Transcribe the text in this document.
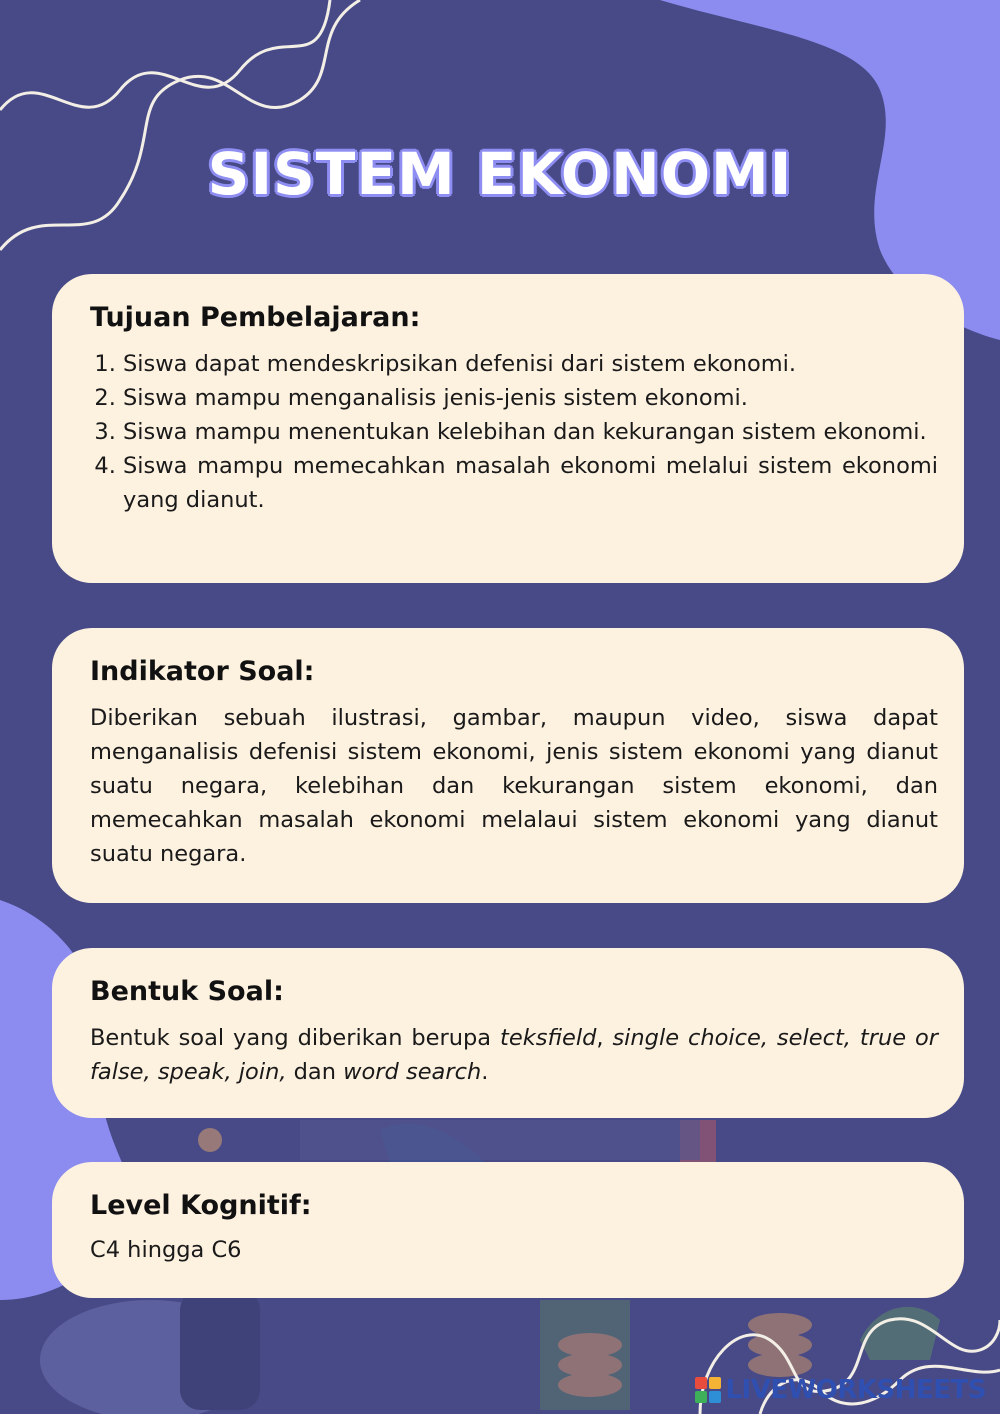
SISTEM EKONOMI
Tujuan Pembelajaran:
1. Siswa dapat mendeskripsikan defenisi dari sistem ekonomi.
2. Siswa mampu menganalisis jenis-jenis sistem ekonomi.
3. Siswa mampu menentukan kelebihan dan kekurangan sistem ekonomi.
4. Siswa mampu memecahkan masalah ekonomi melalui sistem ekonomi yang dianut.
Indikator Soal:

Diberikan sebuah ilustrasi, gambar, maupun video, siswa dapat menganalisis defenisi sistem ekonomi, jenis sistem ekonomi yang dianut suatu negara, kelebihan dan kekurangan sistem ekonomi, dan memecahkan masalah ekonomi melalaui sistem ekonomi yang dianut suatu negara.

Bentuk Soal:

Bentuk soal yang diberikan berupa teksfield, single choice, select, true or false, speak, join, dan word search.

Level Kognitif:

C4 hingga C6

LIVEWORKSHEETS
